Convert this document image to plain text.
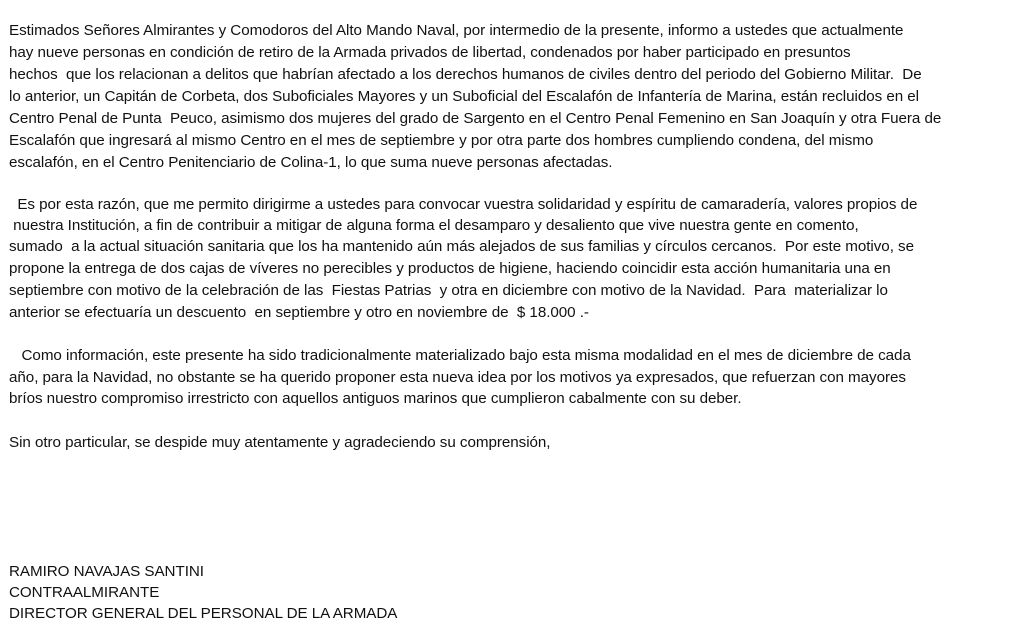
Estimados Señores Almirantes y Comodoros del Alto Mando Naval, por intermedio de la presente, informo a ustedes que actualmente
hay nueve personas en condición de retiro de la Armada privados de libertad, condenados por haber participado en presuntos
hechos  que los relacionan a delitos que habrían afectado a los derechos humanos de civiles dentro del periodo del Gobierno Militar.  De
lo anterior, un Capitán de Corbeta, dos Suboficiales Mayores y un Suboficial del Escalafón de Infantería de Marina, están recluidos en el
Centro Penal de Punta  Peuco, asimismo dos mujeres del grado de Sargento en el Centro Penal Femenino en San Joaquín y otra Fuera de
Escalafón que ingresará al mismo Centro en el mes de septiembre y por otra parte dos hombres cumpliendo condena, del mismo
escalafón, en el Centro Penitenciario de Colina-1, lo que suma nueve personas afectadas.
Es por esta razón, que me permito dirigirme a ustedes para convocar vuestra solidaridad y espíritu de camaradería, valores propios de
nuestra Institución, a fin de contribuir a mitigar de alguna forma el desamparo y desaliento que vive nuestra gente en comento,
sumado  a la actual situación sanitaria que los ha mantenido aún más alejados de sus familias y círculos cercanos.  Por este motivo, se
propone la entrega de dos cajas de víveres no perecibles y productos de higiene, haciendo coincidir esta acción humanitaria una en
septiembre con motivo de la celebración de las  Fiestas Patrias  y otra en diciembre con motivo de la Navidad.  Para  materializar lo
anterior se efectuaría un descuento  en septiembre y otro en noviembre de  $ 18.000 .-
Como información, este presente ha sido tradicionalmente materializado bajo esta misma modalidad en el mes de diciembre de cada
año, para la Navidad, no obstante se ha querido proponer esta nueva idea por los motivos ya expresados, que refuerzan con mayores
bríos nuestro compromiso irrestricto con aquellos antiguos marinos que cumplieron cabalmente con su deber.
Sin otro particular, se despide muy atentamente y agradeciendo su comprensión,
RAMIRO NAVAJAS SANTINI
CONTRAALMIRANTE
DIRECTOR GENERAL DEL PERSONAL DE LA ARMADA
